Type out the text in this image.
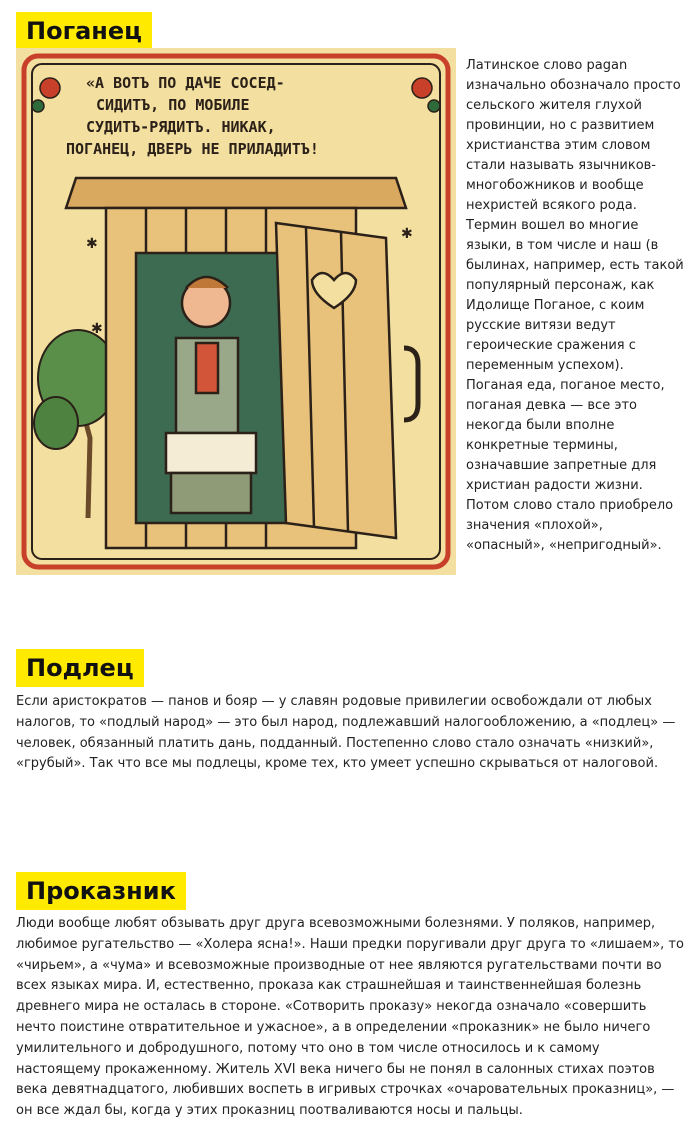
Поганец
«А ВОТЪ ПО ДАЧЕ СОСЕД-
СИДИТЪ, ПО МОБИЛЕ
СУДИТЪ-РЯДИТЪ. НИКАК,
ПОГАНЕЦ, ДВЕРЬ НЕ ПРИЛАДИТЪ!
✱
✱
✱
Латинское слово pagan изначально обозначало просто сельского жителя глухой провинции, но с развитием христианства этим словом стали называть язычников-многобожников и вообще нехристей всякого рода. Термин вошел во многие языки, в том числе и наш (в былинах, например, есть такой популярный персонаж, как Идолище Поганое, с коим русские витязи ведут героические сражения с переменным успехом). Поганая еда, поганое место, поганая девка — все это некогда были вполне конкретные термины, означавшие запретные для христиан радости жизни. Потом слово стало приобрело значения «плохой», «опасный», «непригодный».
Подлец
Если аристократов — панов и бояр — у славян родовые привилегии освобождали от любых налогов, то «подлый народ» — это был народ, подлежавший налогообложению, а «подлец» — человек, обязанный платить дань, подданный. Постепенно слово стало означать «низкий», «грубый». Так что все мы подлецы, кроме тех, кто умеет успешно скрываться от налоговой.
Проказник
Люди вообще любят обзывать друг друга всевозможными болезнями. У поляков, например, любимое ругательство — «Холера ясна!». Наши предки поругивали друг друга то «лишаем», то «чирьем», а «чума» и всевозможные производные от нее являются ругательствами почти во всех языках мира. И, естественно, проказа как страшнейшая и таинственнейшая болезнь древнего мира не осталась в стороне. «Сотворить проказу» некогда означало «совершить нечто поистине отвратительное и ужасное», а в определении «проказник» не было ничего умилительного и добродушного, потому что оно в том числе относилось и к самому настоящему прокаженному. Житель XVI века ничего бы не понял в салонных стихах поэтов века девятнадцатого, любивших воспеть в игривых строчках «очаровательных проказниц», — он все ждал бы, когда у этих проказниц поотваливаются носы и пальцы.
